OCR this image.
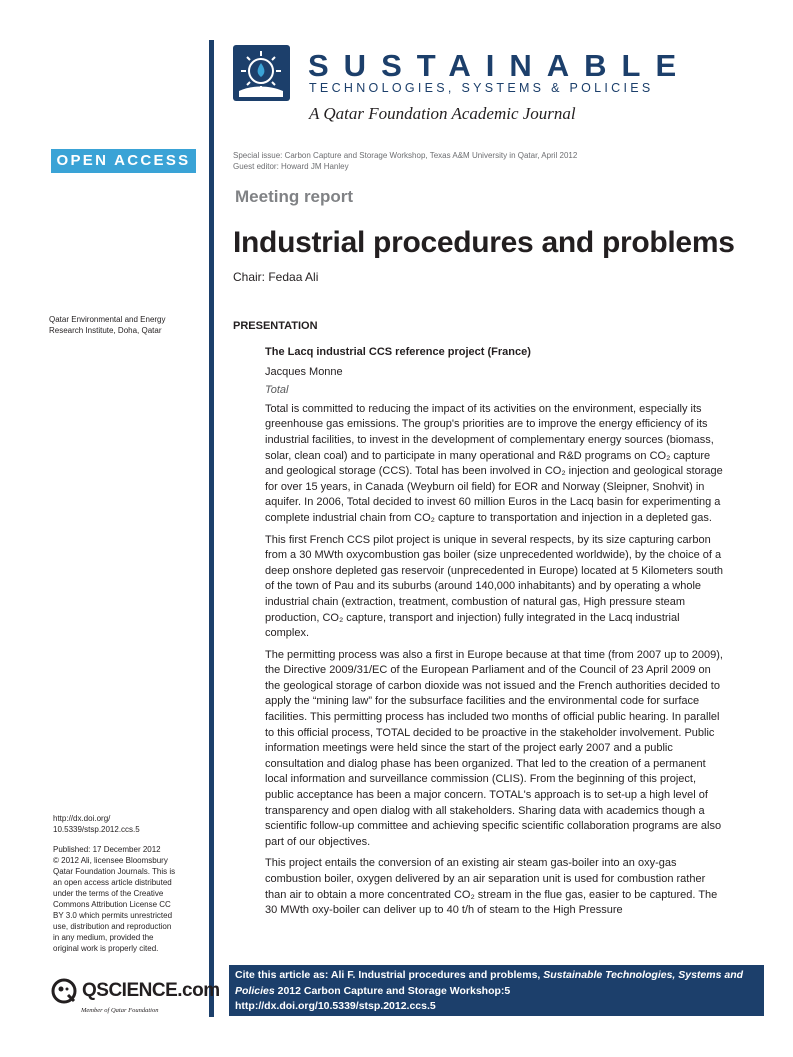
SUSTAINABLE
TECHNOLOGIES, SYSTEMS & POLICIES
A Qatar Foundation Academic Journal
OPEN ACCESS	Special issue: Carbon Capture and Storage Workshop, Texas A&M University in Qatar, April 2012
Guest editor: Howard JM Hanley
Meeting report
Industrial procedures and problems
Chair: Fedaa Ali
Qatar Environmental and Energy
Research Institute, Doha, Qatar	PRESENTATION
The Lacq industrial CCS reference project (France)
Jacques Monne
Total

Total is committed to reducing the impact of its activities on the environment, especially its greenhouse gas emissions. The group's priorities are to improve the energy efficiency of its industrial facilities, to invest in the development of complementary energy sources (biomass, solar, clean coal) and to participate in many operational and R&D programs on CO₂ capture and geological storage (CCS). Total has been involved in CO₂ injection and geological storage for over 15 years, in Canada (Weyburn oil field) for EOR and Norway (Sleipner, Snohvit) in aquifer. In 2006, Total decided to invest 60 million Euros in the Lacq basin for experimenting a complete industrial chain from CO₂ capture to transportation and injection in a depleted gas.

This first French CCS pilot project is unique in several respects, by its size capturing carbon from a 30 MWth oxycombustion gas boiler (size unprecedented worldwide), by the choice of a deep onshore depleted gas reservoir (unprecedented in Europe) located at 5 Kilometers south of the town of Pau and its suburbs (around 140,000 inhabitants) and by operating a whole industrial chain (extraction, treatment, combustion of natural gas, High pressure steam production, CO₂ capture, transport and injection) fully integrated in the Lacq industrial complex.

The permitting process was also a first in Europe because at that time (from 2007 up to 2009), the Directive 2009/31/EC of the European Parliament and of the Council of 23 April 2009 on the geological storage of carbon dioxide was not issued and the French authorities decided to apply the “mining law” for the subsurface facilities and the environmental code for surface facilities. This permitting process has included two months of official public hearing. In parallel to this official process, TOTAL decided to be proactive in the stakeholder involvement. Public information meetings were held since the start of the project early 2007 and a public consultation and dialog phase has been organized. That led to the creation of a permanent local information and surveillance commission (CLIS). From the beginning of this project, public acceptance has been a major concern. TOTAL's approach is to set-up a high level of transparency and open dialog with all stakeholders. Sharing data with academics though a scientific follow-up committee and achieving specific scientific collaboration programs are also part of our objectives.

This project entails the conversion of an existing air steam gas-boiler into an oxy-gas combustion boiler, oxygen delivered by an air separation unit is used for combustion rather than air to obtain a more concentrated CO₂ stream in the flue gas, easier to be captured. The 30 MWth oxy-boiler can deliver up to 40 t/h of steam to the High Pressure

http://dx.doi.org/
10.5339/stsp.2012.ccs.5
Published: 17 December 2012
© 2012 Ali, licensee Bloomsbury
Qatar Foundation Journals. This is
an open access article distributed
under the terms of the Creative
Commons Attribution License CC
BY 3.0 which permits unrestricted
use, distribution and reproduction
in any medium, provided the
original work is properly cited.
QSCIENCE.com
Member of Qatar Foundation
Cite this article as: Ali F. Industrial procedures and problems, Sustainable Technologies, Systems and Policies 2012 Carbon Capture and Storage Workshop:5
http://dx.doi.org/10.5339/stsp.2012.ccs.5
